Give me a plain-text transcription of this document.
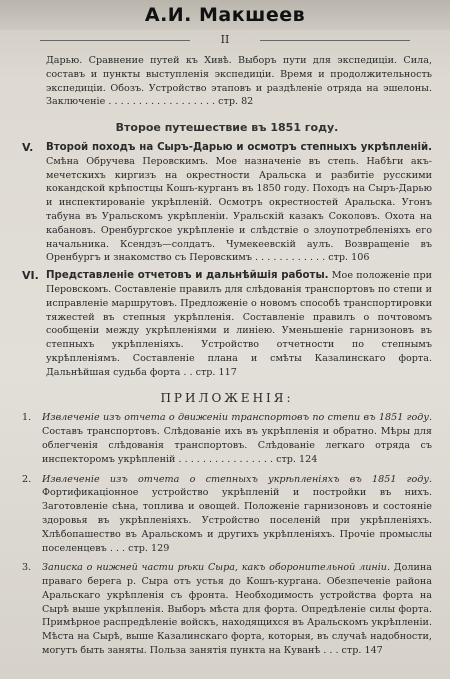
А.И. Макшеев
II

Дарью. Сравнение путей къ Хивѣ. Выборъ пути для экспедиціи. Сила, составъ и пункты выступленія экспедиціи. Время и продолжительность экспедиціи. Обозъ. Устройство этаповъ и раздѣленіе отряда на эшелоны. Заключеніе . . . . . . . . . . . . . . . . . . стр. 82

Второе путешествие въ 1851 году.
V. Второй походъ на Сыръ-Дарью и осмотръ степныхъ укрѣпленій. Смѣна Обручева Перовскимъ. Мое назначеніе въ степь. Набѣги акъ-мечетскихъ киргизъ на окрестности Аральска и разбитіе русскими кокандской крѣпостцы Кошъ-курганъ въ 1850 году. Походъ на Сыръ-Дарью и инспектированіе укрѣпленій. Осмотръ окрестностей Аральска. Угонъ табуна въ Уральскомъ укрѣпленіи. Уральскій казакъ Соколовъ. Охота на кабановъ. Оренбургское укрѣпленіе и слѣдствіе о злоупотребленіяхъ его начальника. Ксендзъ—солдатъ. Чумекеевскій аулъ. Возвращеніе въ Оренбургъ и знакомство съ Перовскимъ . . . . . . . . . . . . стр. 106

VI. Представленіе отчетовъ и дальнѣйшія работы. Мое положеніе при Перовскомъ. Составленіе правилъ для слѣдованія транспортовъ по степи и исправленіе маршрутовъ. Предложеніе о новомъ способѣ транспортировки тяжестей въ степныя укрѣпленія. Составленіе правилъ о почтовомъ сообщеніи между укрѣпленіями и линіею. Уменьшеніе гарнизоновъ въ степныхъ укрѣпленіяхъ. Устройство отчетности по степнымъ укрѣпленіямъ. Составленіе плана и смѣты Казалинскаго форта. Дальнѣйшая судьба форта . . стр. 117

ПРИЛОЖЕНІЯ:
1. Извлеченіе изъ отчета о движеніи транспортовъ по степи въ 1851 году. Составъ транспортовъ. Слѣдованіе ихъ въ укрѣпленія и обратно. Мѣры для облегченія слѣдованія транспортовъ. Слѣдованіе легкаго отряда съ инспекторомъ укрѣпленій . . . . . . . . . . . . . . . . стр. 124

2. Извлеченіе изъ отчета о степныхъ укрѣпленіяхъ въ 1851 году. Фортификаціонное устройство укрѣпленій и постройки въ нихъ. Заготовленіе сѣна, топлива и овощей. Положеніе гарнизоновъ и состояніе здоровья въ укрѣпленіяхъ. Устройство поселеній при укрѣпленіяхъ. Хлѣбопашество въ Аральскомъ и другихъ укрѣпленіяхъ. Прочіе промыслы поселенцевъ . . . стр. 129

3. Записка о нижней части рѣки Сыра, какъ оборонительной линіи. Долина праваго берега р. Сыра отъ устья до Кошъ-кургана. Обезпеченіе района Аральскаго укрѣпленія съ фронта. Необходимость устройства форта на Сырѣ выше укрѣпленія. Выборъ мѣста для форта. Опредѣленіе силы форта. Примѣрное распредѣленіе войскъ, находящихся въ Аральскомъ укрѣпленіи. Мѣста на Сырѣ, выше Казалинскаго форта, которыя, въ случаѣ надобности, могутъ быть заняты. Польза занятія пункта на Куванѣ . . . стр. 147
